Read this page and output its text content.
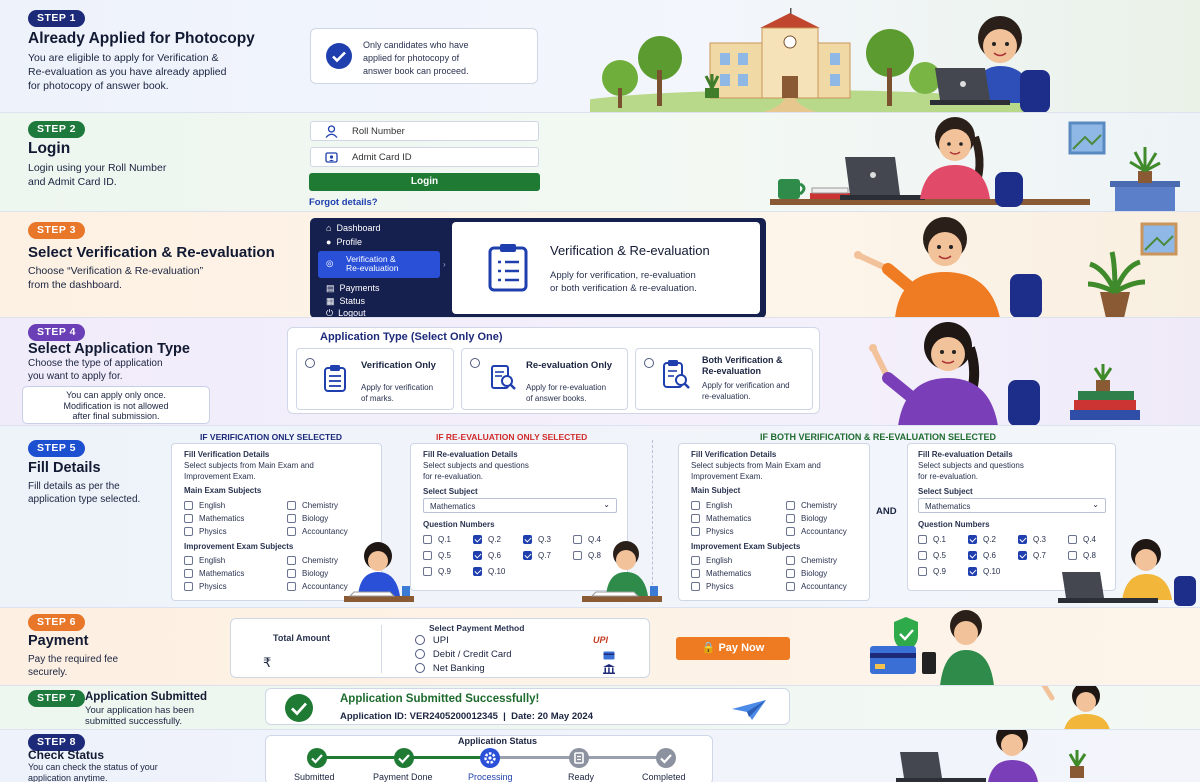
STEP 1
Already Applied for Photocopy
You are eligible to apply for Verification &
Re-evaluation as you have already applied
for photocopy of answer book.
Only candidates who have
applied for photocopy of
answer book can proceed.
STEP 2
Login
Login using your Roll Number
and Admit Card ID.
Roll Number
Admit Card ID
Login
Forgot details?
STEP 3
Select Verification & Re-evaluation
Choose “Verification & Re-evaluation”
from the dashboard.
⌂ Dashboard
● Profile
◎ Verification &
Re-evaluation	›
▤ Payments
▦ Status
⏻ Logout
Verification & Re-evaluation
Apply for verification, re-evaluation
or both verification & re-evaluation.
STEP 4
Select Application Type
Choose the type of application
you want to apply for.
You can apply only once.
Modification is not allowed
after final submission.
Application Type (Select Only One)
Verification Only
Apply for verification
of marks.
Re-evaluation Only
Apply for re-evaluation
of answer books.
Both Verification &
Re-evaluation
Apply for verification and
re-evaluation.
STEP 5
Fill Details
Fill details as per the
application type selected.
IF VERIFICATION ONLY SELECTED
Fill Verification Details
Select subjects from Main Exam and
Improvement Exam.
Main Exam Subjects
English	Chemistry
Mathematics	Biology
Physics	Accountancy
Improvement Exam Subjects
English	Chemistry
Mathematics	Biology
Physics	Accountancy
IF RE-EVALUATION ONLY SELECTED
Fill Re-evaluation Details
Select subjects and questions
for re-evaluation.
Select Subject
Mathematics	⌄
Question Numbers
Q.1	Q.2	Q.3	Q.4
Q.5	Q.6	Q.7	Q.8
Q.9	Q.10
IF BOTH VERIFICATION & RE-EVALUATION SELECTED
Fill Verification Details
Select subjects from Main Exam and
Improvement Exam.
Main Subject
English	Chemistry
Mathematics	Biology
Physics	Accountancy
Improvement Exam Subjects
English	Chemistry
Mathematics	Biology
Physics	Accountancy
AND
Fill Re-evaluation Details
Select subjects and questions
for re-evaluation.
Select Subject
Mathematics	⌄
Question Numbers
Q.1	Q.2	Q.3	Q.4
Q.5	Q.6	Q.7	Q.8
Q.9	Q.10
STEP 6
Payment
Pay the required fee
securely.
Total Amount
₹
Select Payment Method
UPI
Debit / Credit Card
Net Banking
UPI
🔒 Pay Now
STEP 7 Application Submitted
Your application has been
submitted successfully.
Application Submitted Successfully!
Application ID: VER2405200012345 | Date: 20 May 2024
STEP 8
Check Status
You can check the status of your
application anytime.
Application Status
Submitted	Payment Done	Processing	Ready	Completed
